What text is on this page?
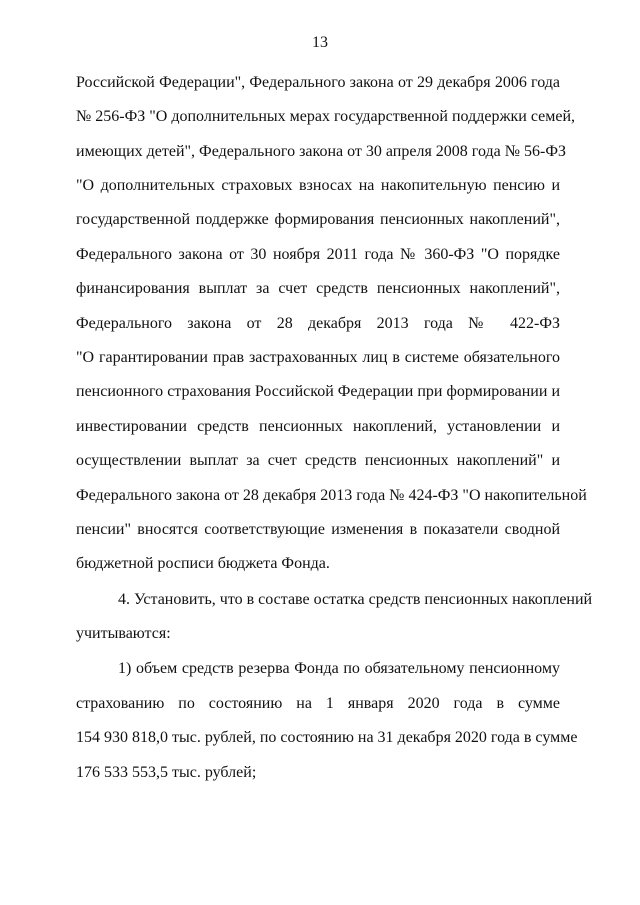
13
Российской Федерации", Федерального закона от 29 декабря 2006 года
№ 256-ФЗ "О дополнительных мерах государственной поддержки семей,
имеющих детей", Федерального закона от 30 апреля 2008 года № 56-ФЗ
"О дополнительных страховых взносах на накопительную пенсию и
государственной поддержке формирования пенсионных накоплений",
Федерального закона от 30 ноября 2011 года № 360-ФЗ "О порядке
финансирования выплат за счет средств пенсионных накоплений",
Федерального закона от 28 декабря 2013 года № 422-ФЗ
"О гарантировании прав застрахованных лиц в системе обязательного
пенсионного страхования Российской Федерации при формировании и
инвестировании средств пенсионных накоплений, установлении и
осуществлении выплат за счет средств пенсионных накоплений" и
Федерального закона от 28 декабря 2013 года № 424-ФЗ "О накопительной
пенсии" вносятся соответствующие изменения в показатели сводной
бюджетной росписи бюджета Фонда.
4. Установить, что в составе остатка средств пенсионных накоплений
учитываются:
1) объем средств резерва Фонда по обязательному пенсионному
страхованию по состоянию на 1 января 2020 года в сумме
154 930 818,0 тыс. рублей, по состоянию на 31 декабря 2020 года в сумме
176 533 553,5 тыс. рублей;
